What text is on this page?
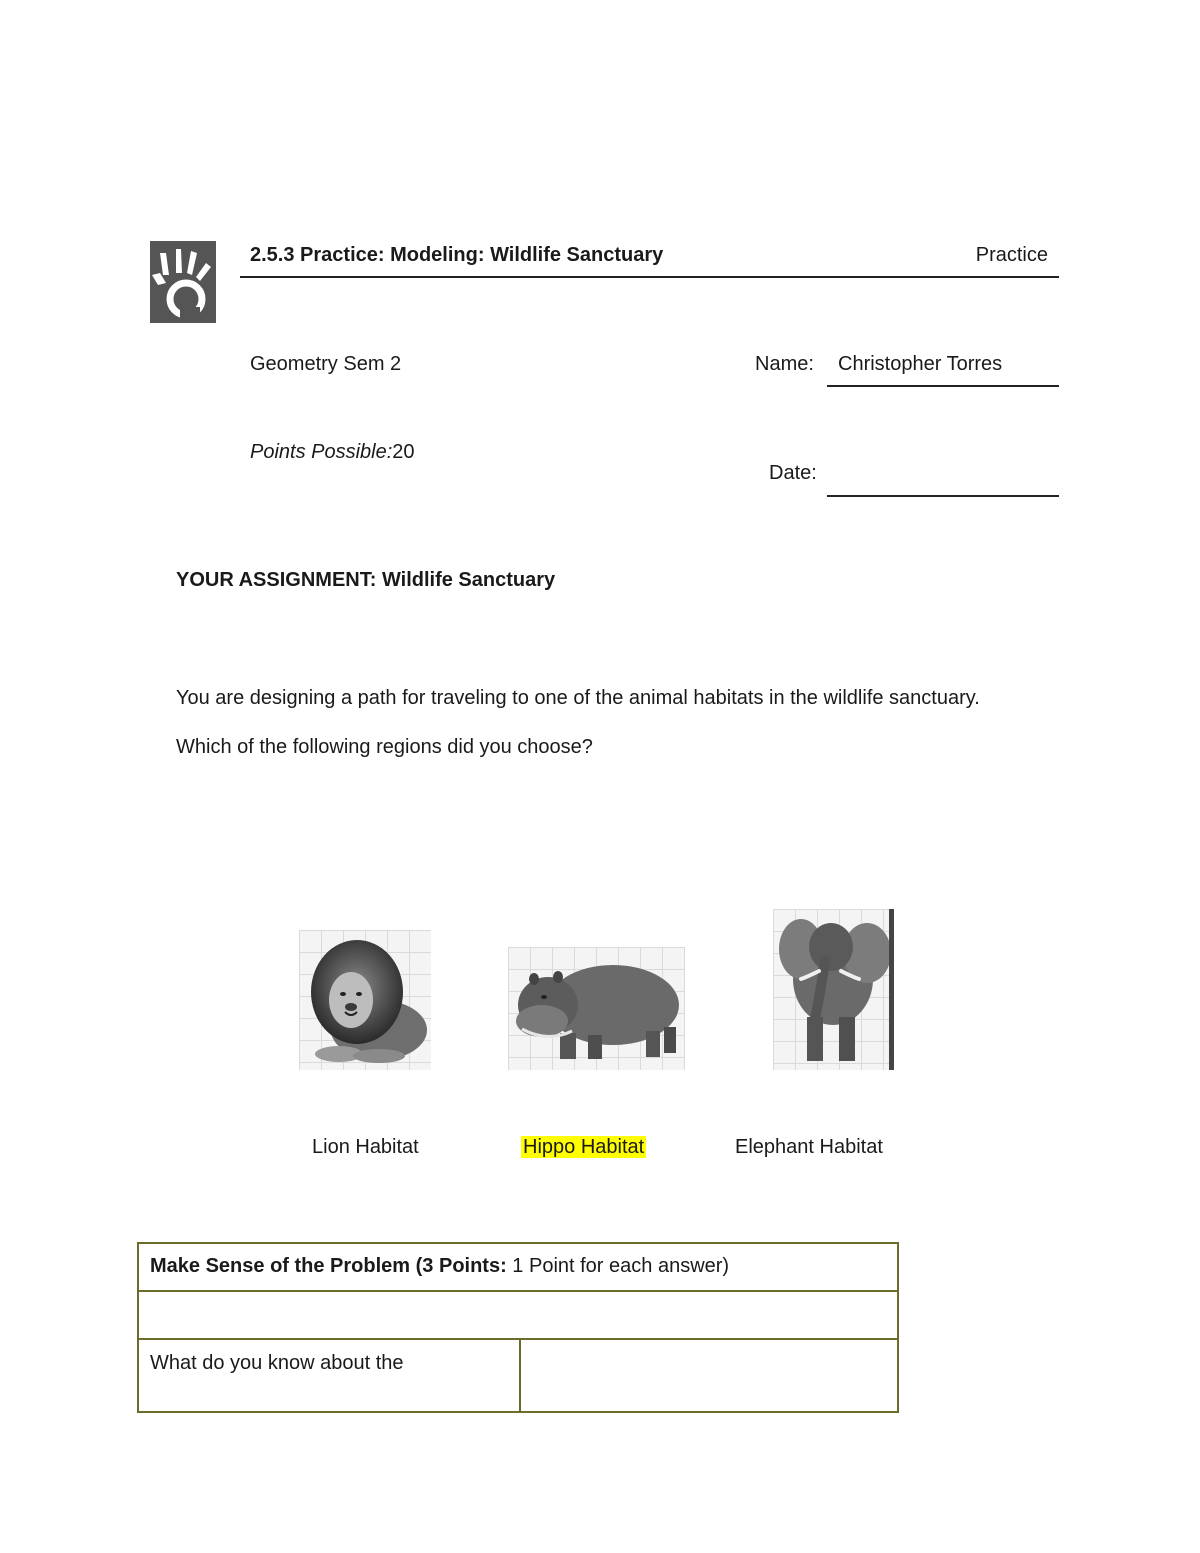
2.5.3 Practice: Modeling: Wildlife Sanctuary	Practice
Geometry Sem 2	Name: Christopher Torres
Points Possible:20
Date:
YOUR ASSIGNMENT: Wildlife Sanctuary
You are designing a path for traveling to one of the animal habitats in the wildlife sanctuary.
Which of the following regions did you choose?
Lion Habitat	Hippo Habitat	Elephant Habitat
Make Sense of the Problem (3 Points: 1 Point for each answer)
What do you know about the
